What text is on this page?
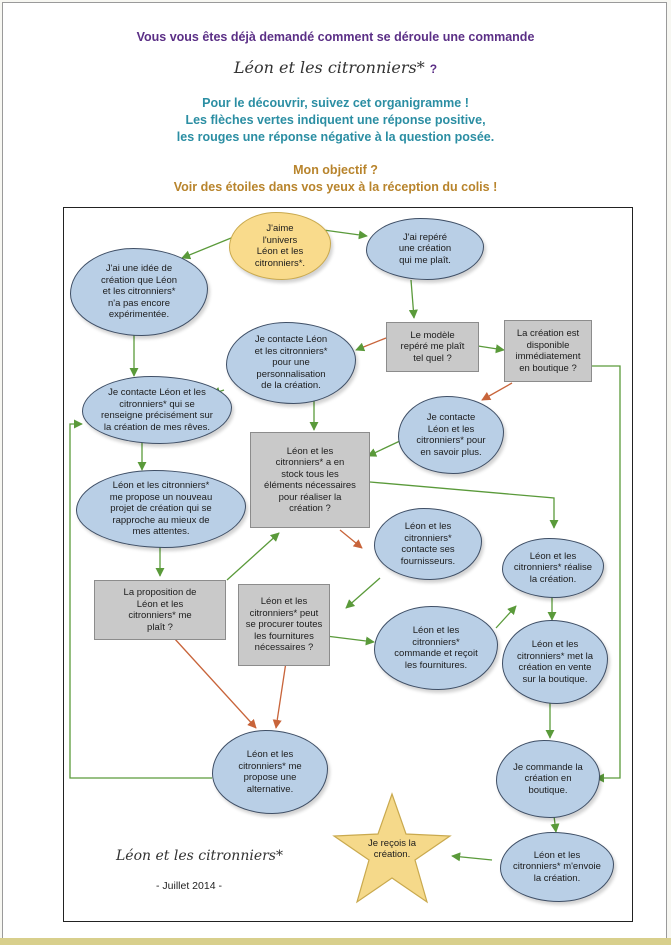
Vous vous êtes déjà demandé comment se déroule une commande
Léon et les citronniers* ?
Pour le découvrir, suivez cet organigramme !
Les flèches vertes indiquent une réponse positive,
les rouges une réponse négative à la question posée.
Mon objectif ?
Voir des étoiles dans vos yeux à la réception du colis !
J'aime
l'univers
Léon et les
citronniers*.
J'ai repéré
une création
qui me plaît.
J'ai une idée de
création que Léon
et les citronniers*
n'a pas encore
expérimentée.
Le modèle
repéré me plaît
tel quel ?
La création est
disponible
immédiatement
en boutique ?
Je contacte Léon
et les citronniers*
pour une
personnalisation
de la création.
Je contacte Léon et les
citronniers* qui se
renseigne précisément sur
la création de mes rêves.
Je contacte
Léon et les
citronniers* pour
en savoir plus.
Léon et les
citronniers* a en
stock tous les
éléments nécessaires
pour réaliser la
création ?
Léon et les citronniers*
me propose un nouveau
projet de création qui se
rapproche au mieux de
mes attentes.	Léon et les
citronniers*
contacte ses
fournisseurs.	Léon et les
citronniers* réalise
la création.
La proposition de
Léon et les
citronniers* me
plaît ?
Léon et les
citronniers* peut
se procurer toutes
les fournitures
nécessaires ?
Léon et les
citronniers*
commande et reçoit
les fournitures.
Léon et les
citronniers* met la
création en vente
sur la boutique.
Léon et les
citronniers* me
propose une
alternative.
Je commande la
création en
boutique.
Léon et les
citronniers* m'envoie
la création.
Je reçois la
création.
Léon et les citronniers*
- Juillet 2014 -
